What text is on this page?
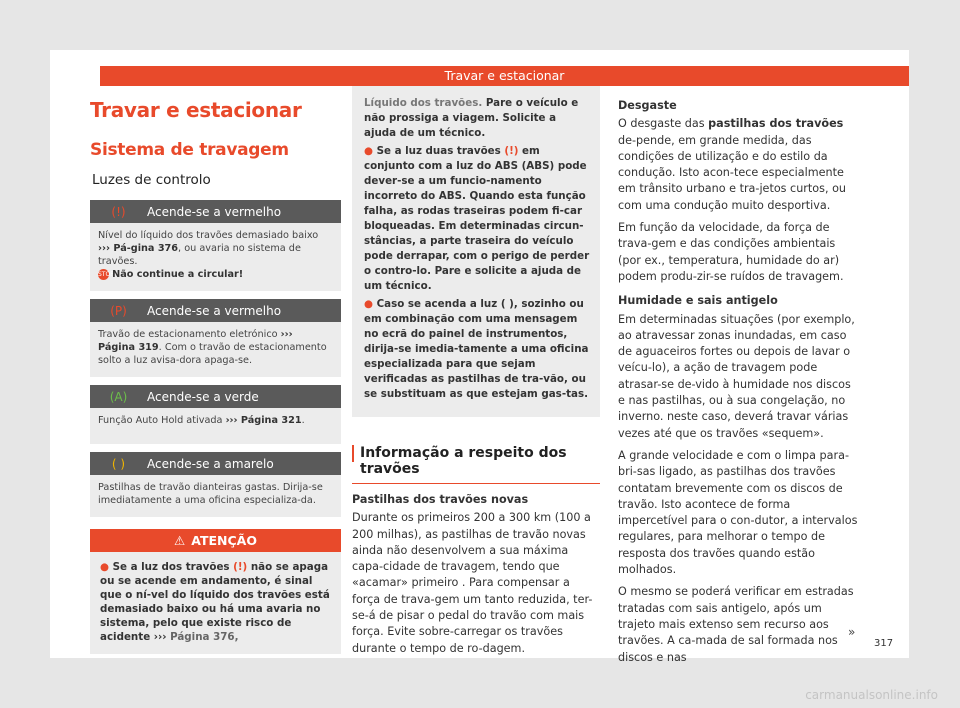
Travar e estacionar
Travar e estacionar
Sistema de travagem
Luzes de controlo
(!)	Acende-se a vermelho
Nível do líquido dos travões demasiado baixo ››› Pá-gina 376, ou avaria no sistema de travões.
STOP Não continue a circular!
(P)	Acende-se a vermelho
Travão de estacionamento eletrónico ››› Página 319. Com o travão de estacionamento solto a luz avisa-dora apaga-se.
(A)	Acende-se a verde
Função Auto Hold ativada ››› Página 321.
( )	Acende-se a amarelo
Pastilhas de travão dianteiras gastas. Dirija-se imediatamente a uma oficina especializa-da.
⚠ ATENÇÃO
● Se a luz dos travões (!) não se apaga ou se acende em andamento, é sinal que o ní-vel do líquido dos travões está demasiado baixo ou há uma avaria no sistema, pelo que existe risco de acidente ››› Página 376,

Líquido dos travões. Pare o veículo e não prossiga a viagem. Solicite a ajuda de um técnico.

● Se a luz duas travões (!) em conjunto com a luz do ABS (ABS) pode dever-se a um funcio-namento incorreto do ABS. Quando esta função falha, as rodas traseiras podem fi-car bloqueadas. Em determinadas circun-stâncias, a parte traseira do veículo pode derrapar, com o perigo de perder o contro-lo. Pare e solicite a ajuda de um técnico.

● Caso se acenda a luz ( ), sozinho ou em combinação com uma mensagem no ecrã do painel de instrumentos, dirija-se imedia-tamente a uma oficina especializada para que sejam verificadas as pastilhas de tra-vão, ou se substituam as que estejam gas-tas.

Informação a respeito dos travões
Pastilhas dos travões novas

Durante os primeiros 200 a 300 km (100 a 200 milhas), as pastilhas de travão novas ainda não desenvolvem a sua máxima capa-cidade de travagem, tendo que «acamar» primeiro . Para compensar a força de trava-gem um tanto reduzida, ter-se-á de pisar o pedal do travão com mais força. Evite sobre-carregar os travões durante o tempo de ro-dagem.

Desgaste

O desgaste das pastilhas dos travões de-pende, em grande medida, das condições de utilização e do estilo da condução. Isto acon-tece especialmente em trânsito urbano e tra-jetos curtos, ou com uma condução muito desportiva.

Em função da velocidade, da força de trava-gem e das condições ambientais (por ex., temperatura, humidade do ar) podem produ-zir-se ruídos de travagem.

Humidade e sais antigelo

Em determinadas situações (por exemplo, ao atravessar zonas inundadas, em caso de aguaceiros fortes ou depois de lavar o veícu-lo), a ação de travagem pode atrasar-se de-vido à humidade nos discos e nas pastilhas, ou à sua congelação, no inverno. neste caso, deverá travar várias vezes até que os travões «sequem».

A grande velocidade e com o limpa para-bri-sas ligado, as pastilhas dos travões contatam brevemente com os discos de travão. Isto acontece de forma impercetível para o con-dutor, a intervalos regulares, para melhorar o tempo de resposta dos travões quando estão molhados.

O mesmo se poderá verificar em estradas tratadas com sais antigelo, após um trajeto mais extenso sem recurso aos travões. A ca-mada de sal formada nos discos e nas

»
317
carmanualsonline.info
